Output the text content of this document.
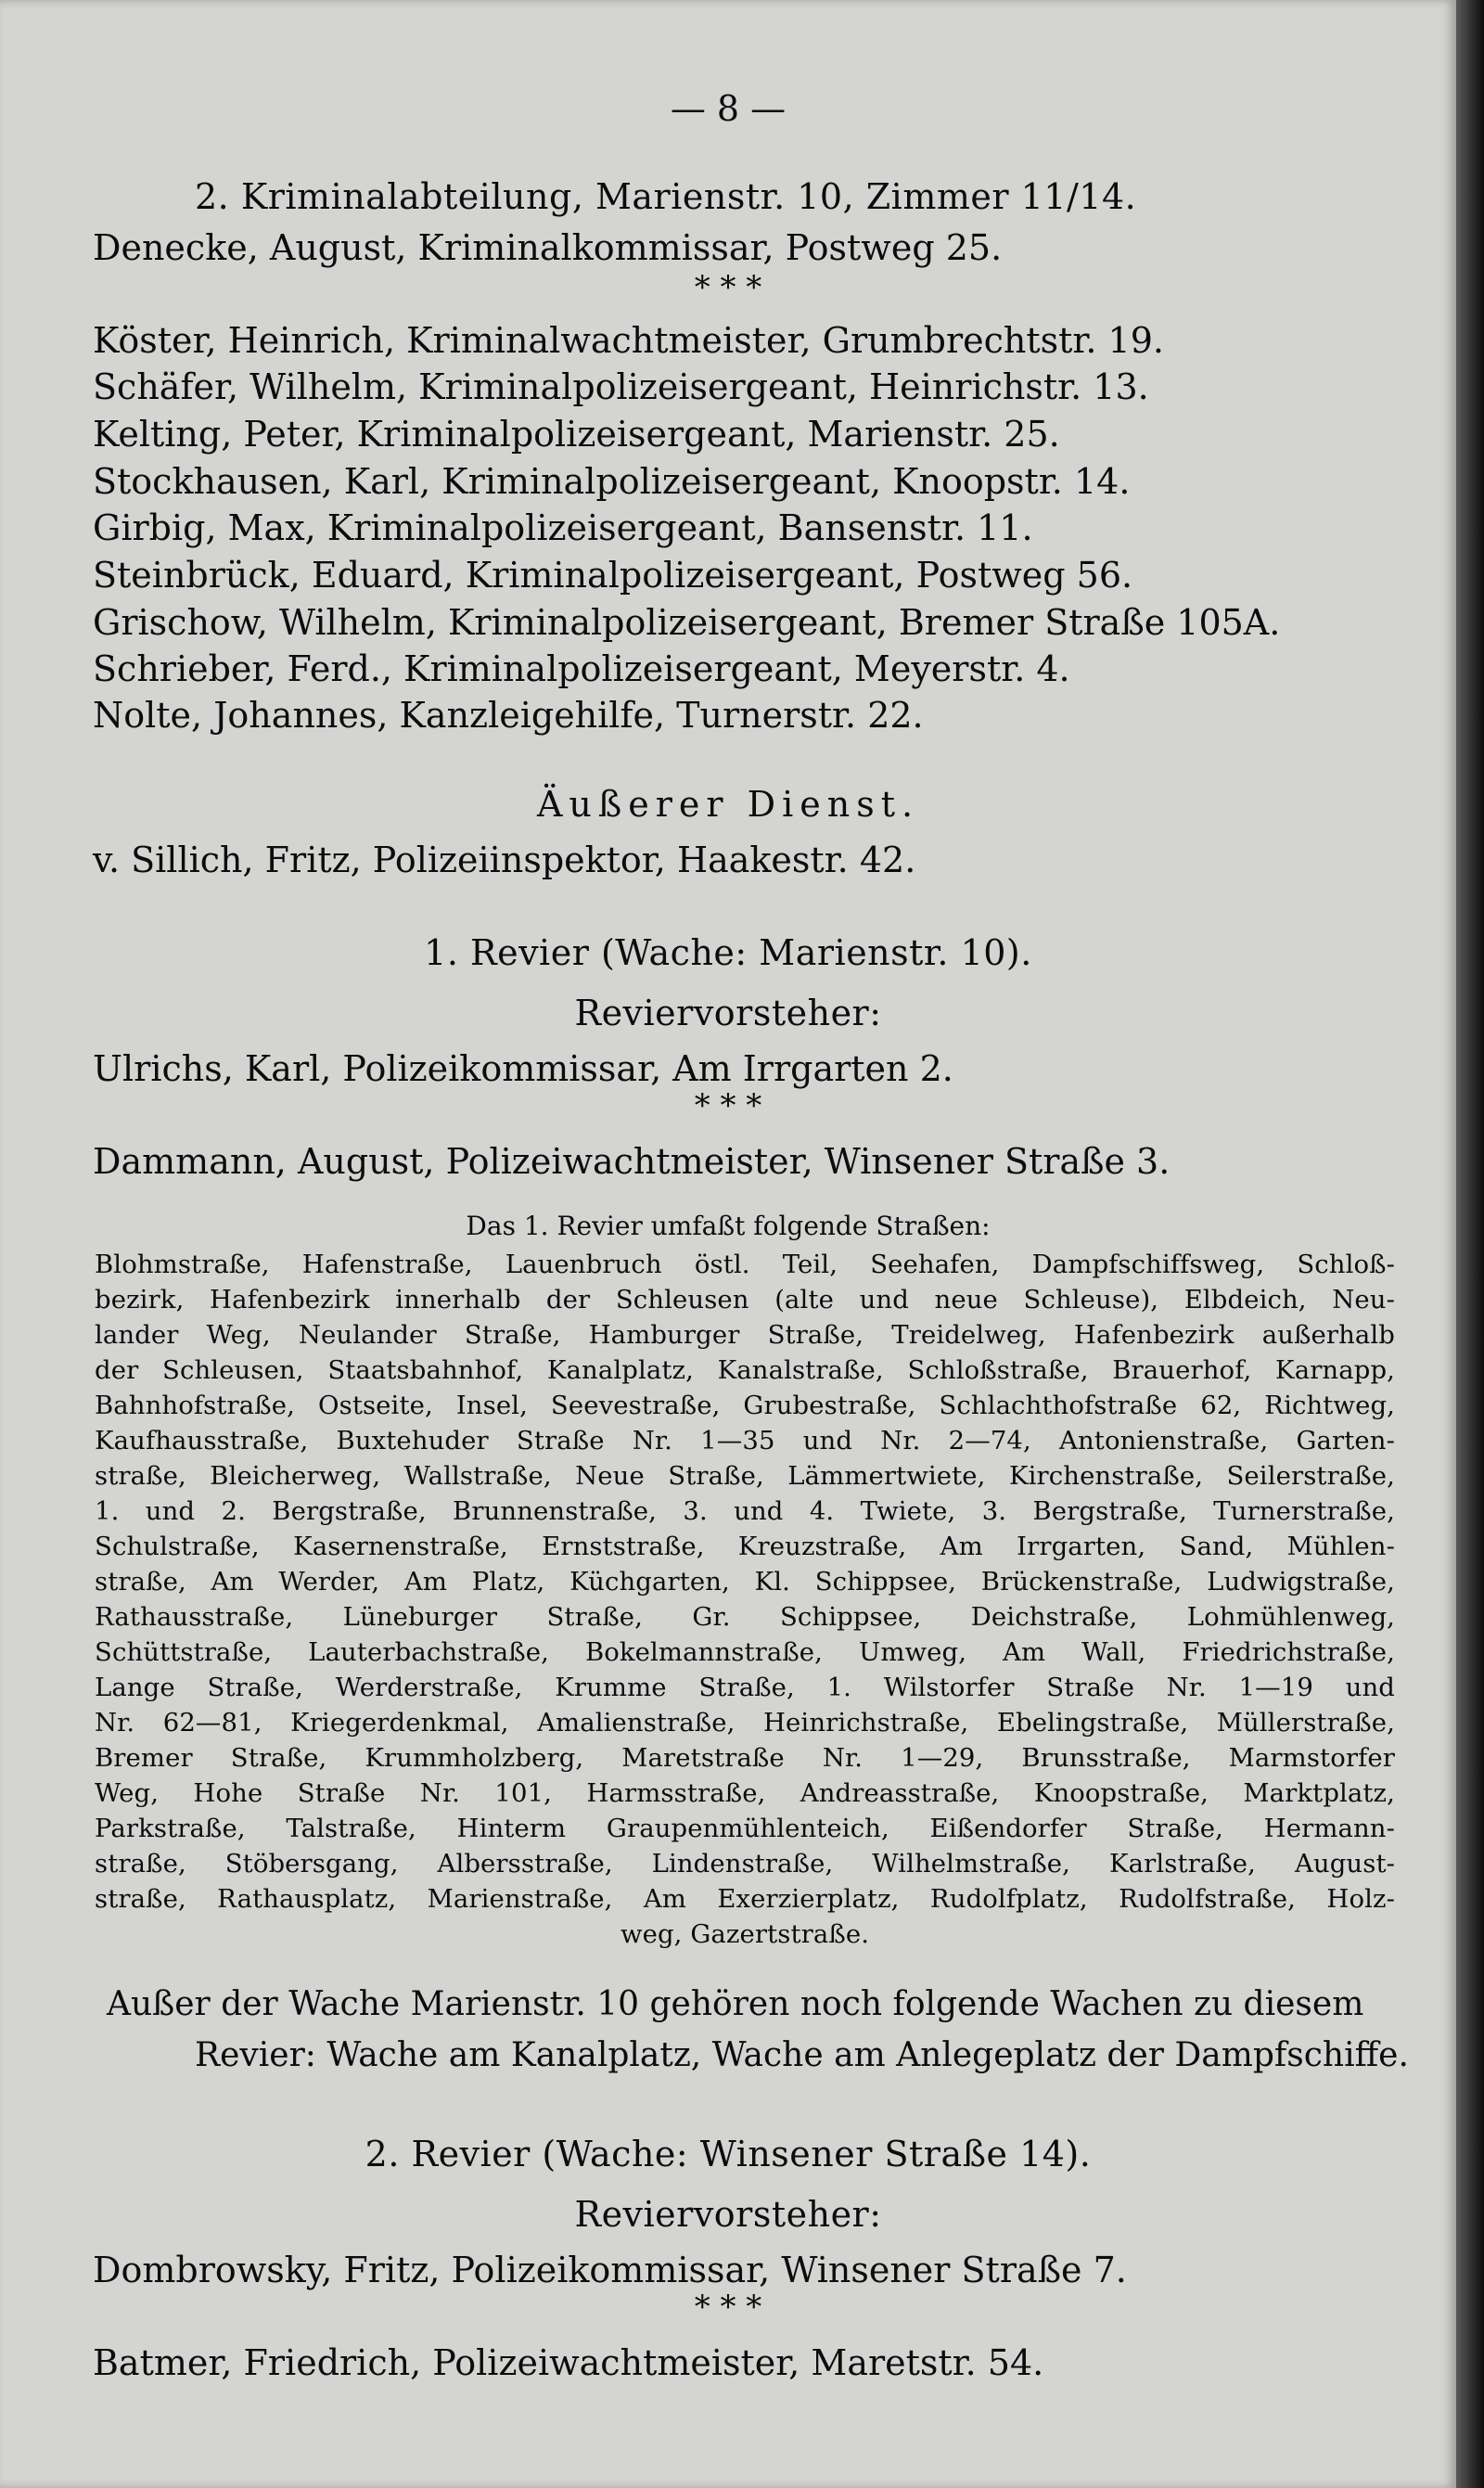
— 8 —
2. Kriminalabteilung, Marienstr. 10, Zimmer 11/14.
Denecke, August, Kriminalkommissar, Postweg 25.
* * *
Köster, Heinrich, Kriminalwachtmeister, Grumbrechtstr. 19.
Schäfer, Wilhelm, Kriminalpolizeisergeant, Heinrichstr. 13.
Kelting, Peter, Kriminalpolizeisergeant, Marienstr. 25.
Stockhausen, Karl, Kriminalpolizeisergeant, Knoopstr. 14.
Girbig, Max, Kriminalpolizeisergeant, Bansenstr. 11.
Steinbrück, Eduard, Kriminalpolizeisergeant, Postweg 56.
Grischow, Wilhelm, Kriminalpolizeisergeant, Bremer Straße 105A.
Schrieber, Ferd., Kriminalpolizeisergeant, Meyerstr. 4.
Nolte, Johannes, Kanzleigehilfe, Turnerstr. 22.
Äußerer Dienst.
v. Sillich, Fritz, Polizeiinspektor, Haakestr. 42.
1. Revier (Wache: Marienstr. 10).
Reviervorsteher:
Ulrichs, Karl, Polizeikommissar, Am Irrgarten 2.
* * *
Dammann, August, Polizeiwachtmeister, Winsener Straße 3.
Das 1. Revier umfaßt folgende Straßen:
Blohmstraße, Hafenstraße, Lauenbruch östl. Teil, Seehafen, Dampfschiffsweg, Schloß-
bezirk, Hafenbezirk innerhalb der Schleusen (alte und neue Schleuse), Elbdeich, Neu-
lander Weg, Neulander Straße, Hamburger Straße, Treidelweg, Hafenbezirk außerhalb
der Schleusen, Staatsbahnhof, Kanalplatz, Kanalstraße, Schloßstraße, Brauerhof, Karnapp,
Bahnhofstraße, Ostseite, Insel, Seevestraße, Grubestraße, Schlachthofstraße 62, Richtweg,
Kaufhausstraße, Buxtehuder Straße Nr. 1—35 und Nr. 2—74, Antonienstraße, Garten-
straße, Bleicherweg, Wallstraße, Neue Straße, Lämmertwiete, Kirchenstraße, Seilerstraße,
1. und 2. Bergstraße, Brunnenstraße, 3. und 4. Twiete, 3. Bergstraße, Turnerstraße,
Schulstraße, Kasernenstraße, Ernststraße, Kreuzstraße, Am Irrgarten, Sand, Mühlen-
straße, Am Werder, Am Platz, Küchgarten, Kl. Schippsee, Brückenstraße, Ludwigstraße,
Rathausstraße, Lüneburger Straße, Gr. Schippsee, Deichstraße, Lohmühlenweg,
Schüttstraße, Lauterbachstraße, Bokelmannstraße, Umweg, Am Wall, Friedrichstraße,
Lange Straße, Werderstraße, Krumme Straße, 1. Wilstorfer Straße Nr. 1—19 und
Nr. 62—81, Kriegerdenkmal, Amalienstraße, Heinrichstraße, Ebelingstraße, Müllerstraße,
Bremer Straße, Krummholzberg, Maretstraße Nr. 1—29, Brunsstraße, Marmstorfer
Weg, Hohe Straße Nr. 101, Harmsstraße, Andreasstraße, Knoopstraße, Marktplatz,
Parkstraße, Talstraße, Hinterm Graupenmühlenteich, Eißendorfer Straße, Hermann-
straße, Stöbersgang, Albersstraße, Lindenstraße, Wilhelmstraße, Karlstraße, August-
straße, Rathausplatz, Marienstraße, Am Exerzierplatz, Rudolfplatz, Rudolfstraße, Holz-
weg, Gazertstraße.
Außer der Wache Marienstr. 10 gehören noch folgende Wachen zu diesem
Revier: Wache am Kanalplatz, Wache am Anlegeplatz der Dampfschiffe.
2. Revier (Wache: Winsener Straße 14).
Reviervorsteher:
Dombrowsky, Fritz, Polizeikommissar, Winsener Straße 7.
* * *
Batmer, Friedrich, Polizeiwachtmeister, Maretstr. 54.
